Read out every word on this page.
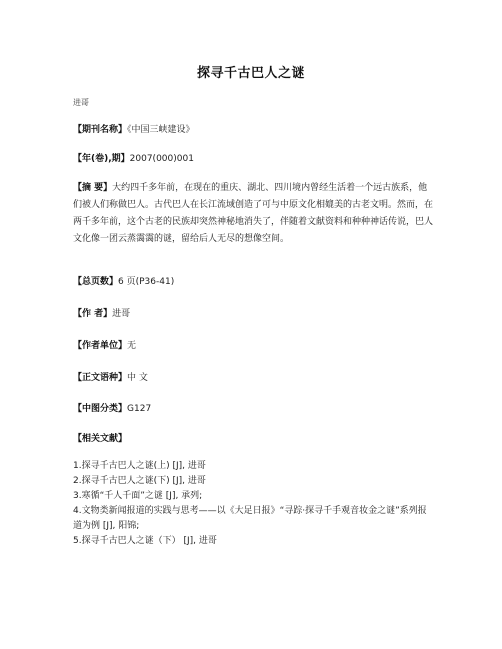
探寻千古巴人之谜
进哥
【期刊名称】《中国三峡建设》
【年(卷),期】2007(000)001
【摘 要】大约四千多年前，在现在的重庆、湖北、四川境内曾经生活着一个远古族系，他们被人们称做巴人。古代巴人在长江流域创造了可与中原文化相媲美的古老文明。然而，在两千多年前，这个古老的民族却突然神秘地消失了，伴随着文献资料和种种神话传说，巴人文化像一团云蒸霭霭的谜，留给后人无尽的想像空间。
【总页数】6 页(P36-41)
【作 者】进哥
【作者单位】无
【正文语种】中 文
【中图分类】G127
【相关文献】
1.探寻千古巴人之谜(上) [J], 进哥
2.探寻千古巴人之谜(下) [J], 进哥
3.寒循“千人千面”之谜 [J], 承列;
4.文物类新闻报道的实践与思考——以《大足日报》“寻踪·探寻千手观音妆金之谜”系列报道为例 [J], 阳锦;
5.探寻千古巴人之谜（下） [J], 进哥
